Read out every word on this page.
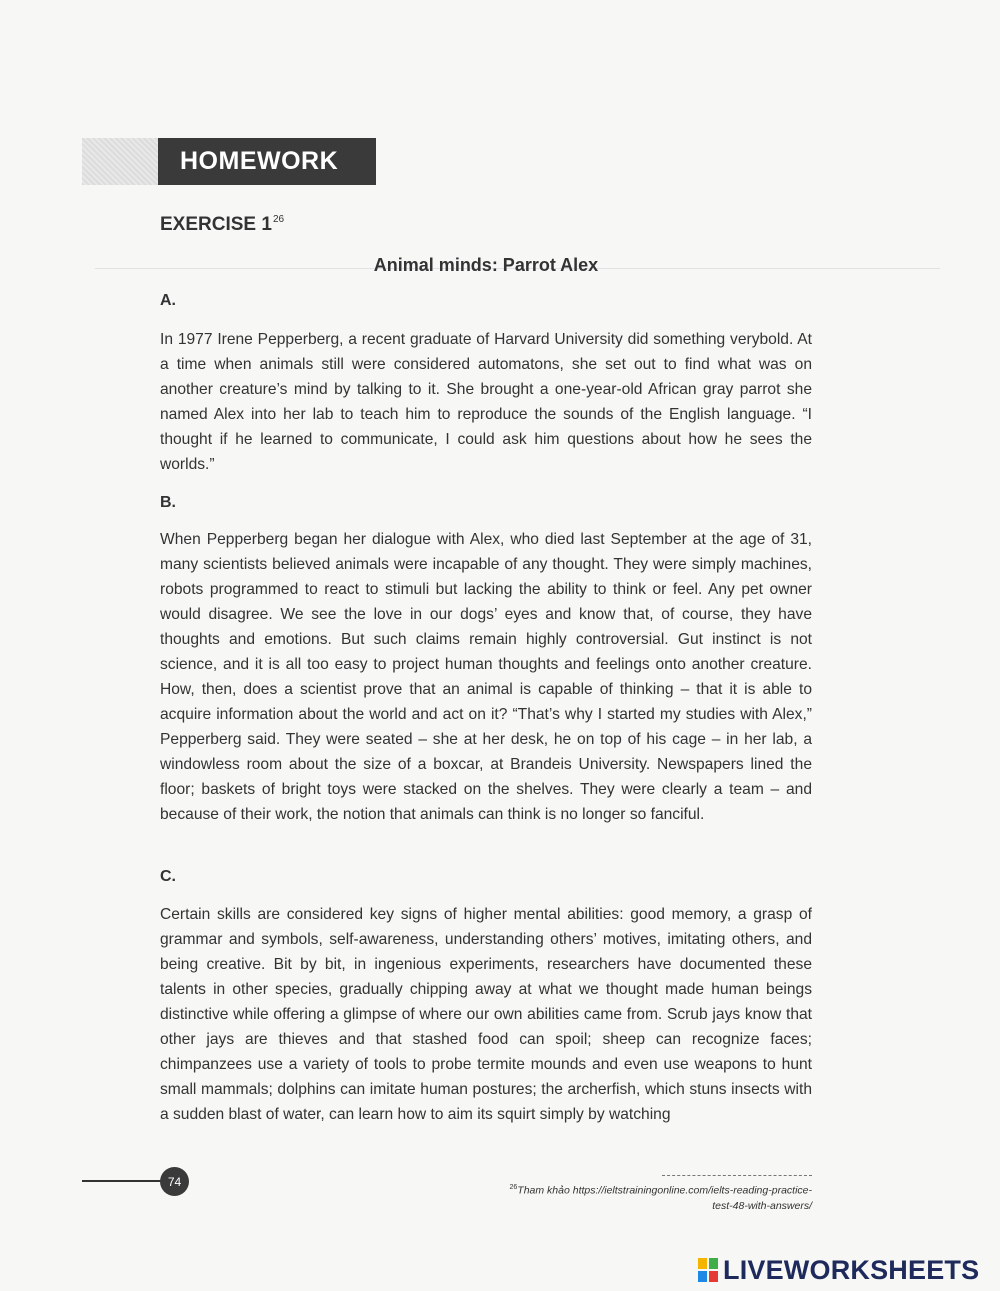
HOMEWORK
EXERCISE $1^{26}$
Animal minds: Parrot Alex
A.

In 1977 Irene Pepperberg, a recent graduate of Harvard University did something verybold. At a time when animals still were considered automatons, she set out to find what was on another creature’s mind by talking to it. She brought a one-year-old African gray parrot she named Alex into her lab to teach him to reproduce the sounds of the English language. “I thought if he learned to communicate, I could ask him questions about how he sees the worlds.”

B.

When Pepperberg began her dialogue with Alex, who died last September at the age of 31, many scientists believed animals were incapable of any thought. They were simply machines, robots programmed to react to stimuli but lacking the ability to think or feel. Any pet owner would disagree. We see the love in our dogs’ eyes and know that, of course, they have thoughts and emotions. But such claims remain highly controversial. Gut instinct is not science, and it is all too easy to project human thoughts and feelings onto another creature. How, then, does a scientist prove that an animal is capable of thinking – that it is able to acquire information about the world and act on it? “That’s why I started my studies with Alex,” Pepperberg said. They were seated – she at her desk, he on top of his cage – in her lab, a windowless room about the size of a boxcar, at Brandeis University. Newspapers lined the floor; baskets of bright toys were stacked on the shelves. They were clearly a team – and because of their work, the notion that animals can think is no longer so fanciful.

C.

Certain skills are considered key signs of higher mental abilities: good memory, a grasp of grammar and symbols, self-awareness, understanding others’ motives, imitating others, and being creative. Bit by bit, in ingenious experiments, researchers have documented these talents in other species, gradually chipping away at what we thought made human beings distinctive while offering a glimpse of where our own abilities came from. Scrub jays know that other jays are thieves and that stashed food can spoil; sheep can recognize faces; chimpanzees use a variety of tools to probe termite mounds and even use weapons to hunt small mammals; dolphins can imitate human postures; the archerfish, which stuns insects with a sudden blast of water, can learn how to aim its squirt simply by watching

74	$^{26}$Tham khảo https://ieltstrainingonline.com/ielts-reading-practice-
test-48-with-answers/
LIVEWORKSHEETS
